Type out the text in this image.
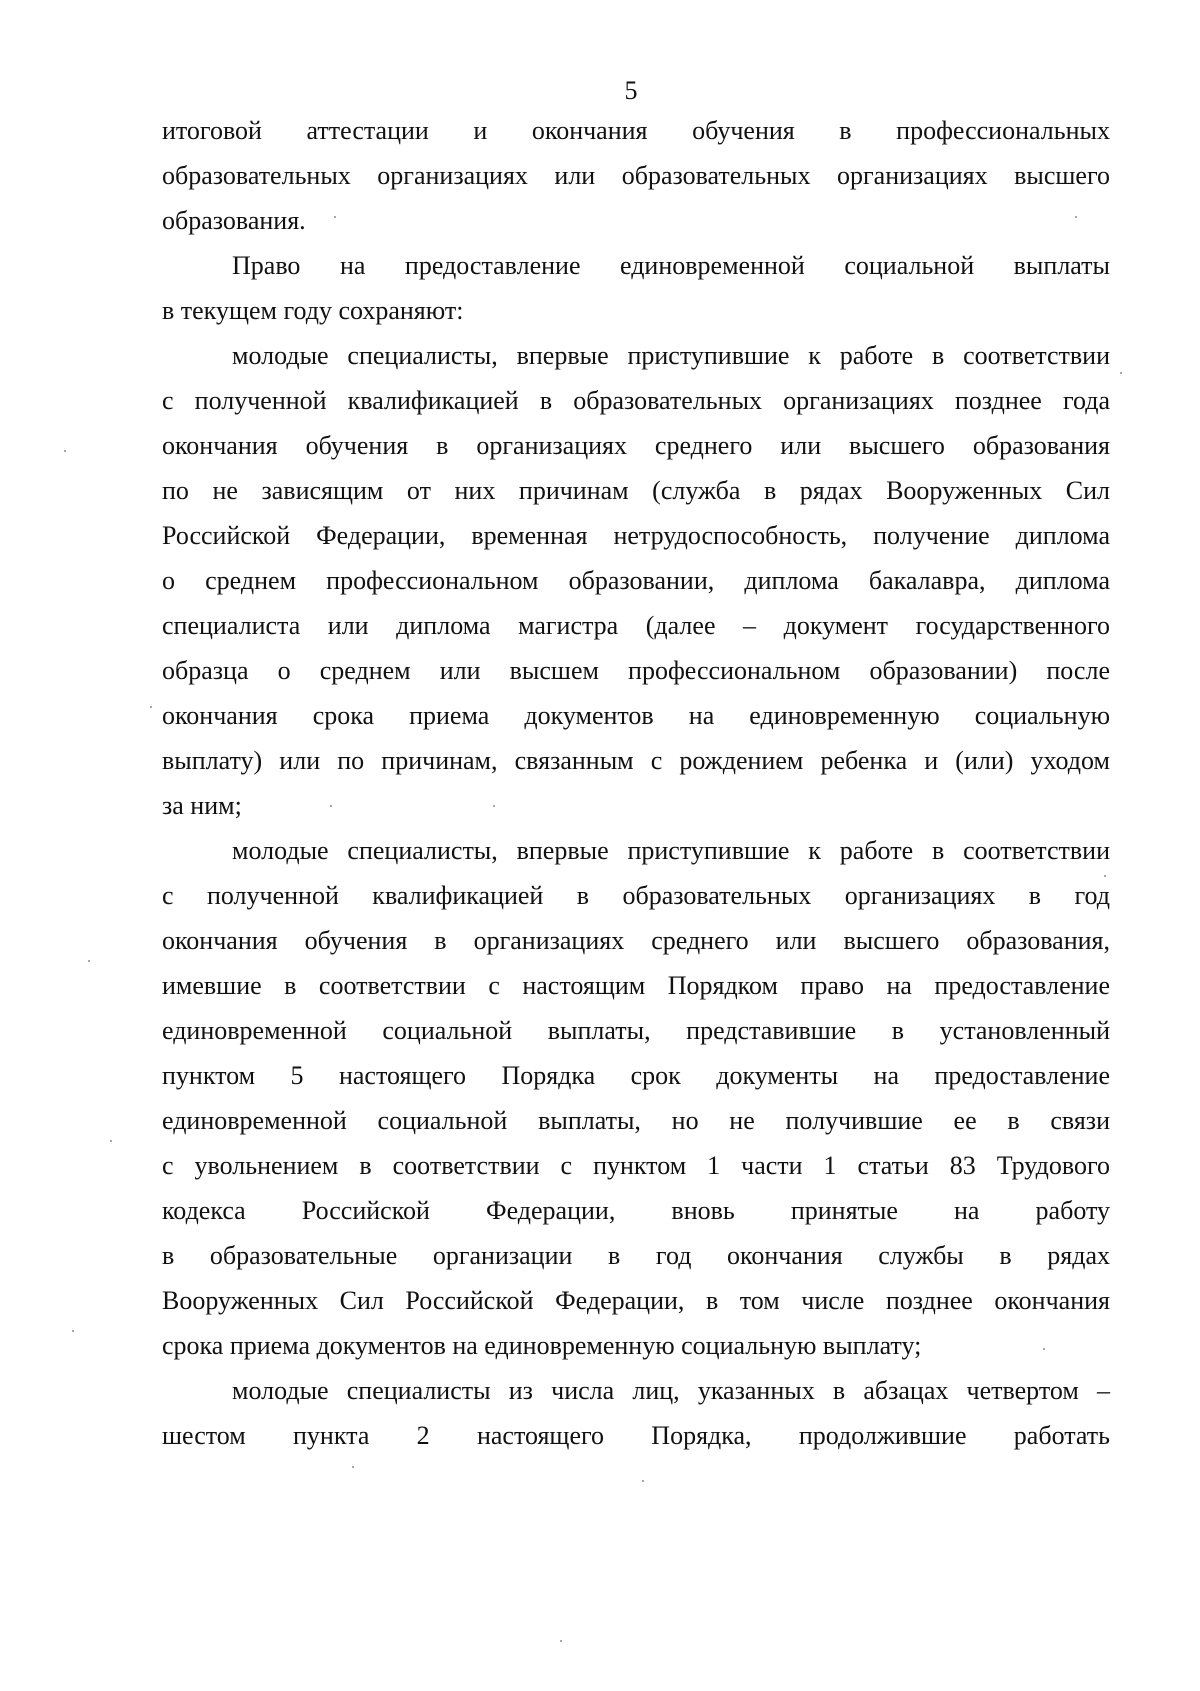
5
итоговой аттестации и окончания обучения в профессиональных
образовательных организациях или образовательных организациях высшего
образования.
Право на предоставление единовременной социальной выплаты
в текущем году сохраняют:
молодые специалисты, впервые приступившие к работе в соответствии
с полученной квалификацией в образовательных организациях позднее года
окончания обучения в организациях среднего или высшего образования
по не зависящим от них причинам (служба в рядах Вооруженных Сил
Российской Федерации, временная нетрудоспособность, получение диплома
о среднем профессиональном образовании, диплома бакалавра, диплома
специалиста или диплома магистра (далее – документ государственного
образца о среднем или высшем профессиональном образовании) после
окончания срока приема документов на единовременную социальную
выплату) или по причинам, связанным с рождением ребенка и (или) уходом
за ним;
молодые специалисты, впервые приступившие к работе в соответствии
с полученной квалификацией в образовательных организациях в год
окончания обучения в организациях среднего или высшего образования,
имевшие в соответствии с настоящим Порядком право на предоставление
единовременной социальной выплаты, представившие в установленный
пунктом 5 настоящего Порядка срок документы на предоставление
единовременной социальной выплаты, но не получившие ее в связи
с увольнением в соответствии с пунктом 1 части 1 статьи 83 Трудового
кодекса Российской Федерации, вновь принятые на работу
в образовательные организации в год окончания службы в рядах
Вооруженных Сил Российской Федерации, в том числе позднее окончания
срока приема документов на единовременную социальную выплату;
молодые специалисты из числа лиц, указанных в абзацах четвертом –
шестом пункта 2 настоящего Порядка, продолжившие работать
